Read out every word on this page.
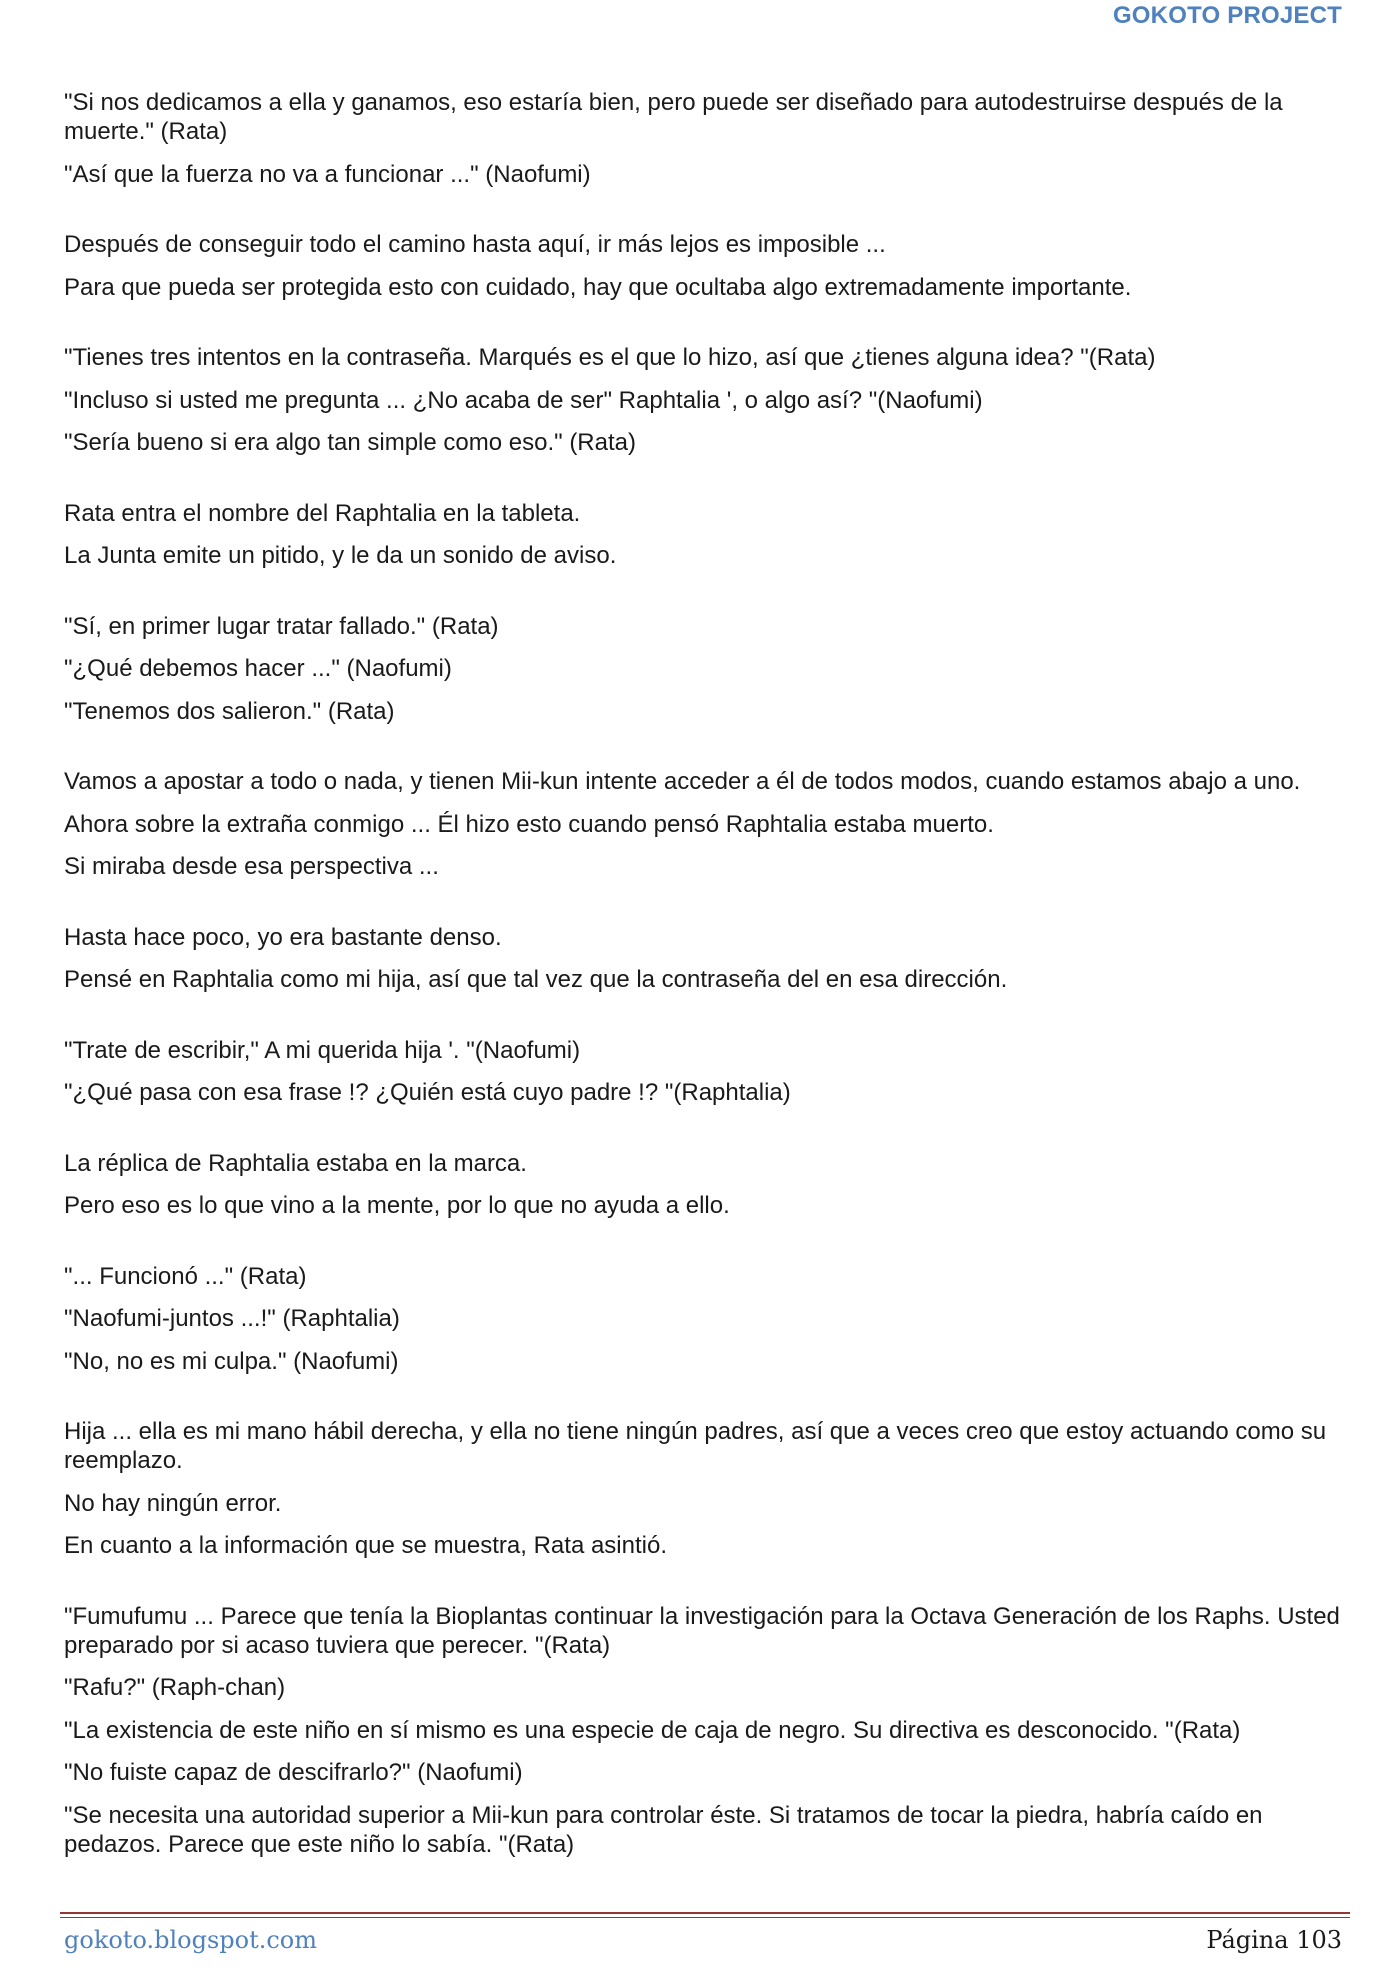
GOKOTO PROJECT
"Si nos dedicamos a ella y ganamos, eso estaría bien, pero puede ser diseñado para autodestruirse después de la muerte." (Rata)
"Así que la fuerza no va a funcionar ..." (Naofumi)
Después de conseguir todo el camino hasta aquí, ir más lejos es imposible ...
Para que pueda ser protegida esto con cuidado, hay que ocultaba algo extremadamente importante.
"Tienes tres intentos en la contraseña. Marqués es el que lo hizo, así que ¿tienes alguna idea? "(Rata)
"Incluso si usted me pregunta ... ¿No acaba de ser" Raphtalia ', o algo así? "(Naofumi)
"Sería bueno si era algo tan simple como eso." (Rata)
Rata entra el nombre del Raphtalia en la tableta.
La Junta emite un pitido, y le da un sonido de aviso.
"Sí, en primer lugar tratar fallado." (Rata)
"¿Qué debemos hacer ..." (Naofumi)
"Tenemos dos salieron." (Rata)
Vamos a apostar a todo o nada, y tienen Mii-kun intente acceder a él de todos modos, cuando estamos abajo a uno.
Ahora sobre la extraña conmigo ... Él hizo esto cuando pensó Raphtalia estaba muerto.
Si miraba desde esa perspectiva ...
Hasta hace poco, yo era bastante denso.
Pensé en Raphtalia como mi hija, así que tal vez que la contraseña del en esa dirección.
"Trate de escribir," A mi querida hija '. "(Naofumi)
"¿Qué pasa con esa frase !? ¿Quién está cuyo padre !? "(Raphtalia)
La réplica de Raphtalia estaba en la marca.
Pero eso es lo que vino a la mente, por lo que no ayuda a ello.
"... Funcionó ..." (Rata)
"Naofumi-juntos ...!" (Raphtalia)
"No, no es mi culpa." (Naofumi)
Hija ... ella es mi mano hábil derecha, y ella no tiene ningún padres, así que a veces creo que estoy actuando como su reemplazo.
No hay ningún error.
En cuanto a la información que se muestra, Rata asintió.
"Fumufumu ... Parece que tenía la Bioplantas continuar la investigación para la Octava Generación de los Raphs. Usted preparado por si acaso tuviera que perecer. "(Rata)
"Rafu?" (Raph-chan)
"La existencia de este niño en sí mismo es una especie de caja de negro. Su directiva es desconocido. "(Rata)
"No fuiste capaz de descifrarlo?" (Naofumi)
"Se necesita una autoridad superior a Mii-kun para controlar éste. Si tratamos de tocar la piedra, habría caído en pedazos. Parece que este niño lo sabía. "(Rata)
gokoto.blogspot.com	Página 103
